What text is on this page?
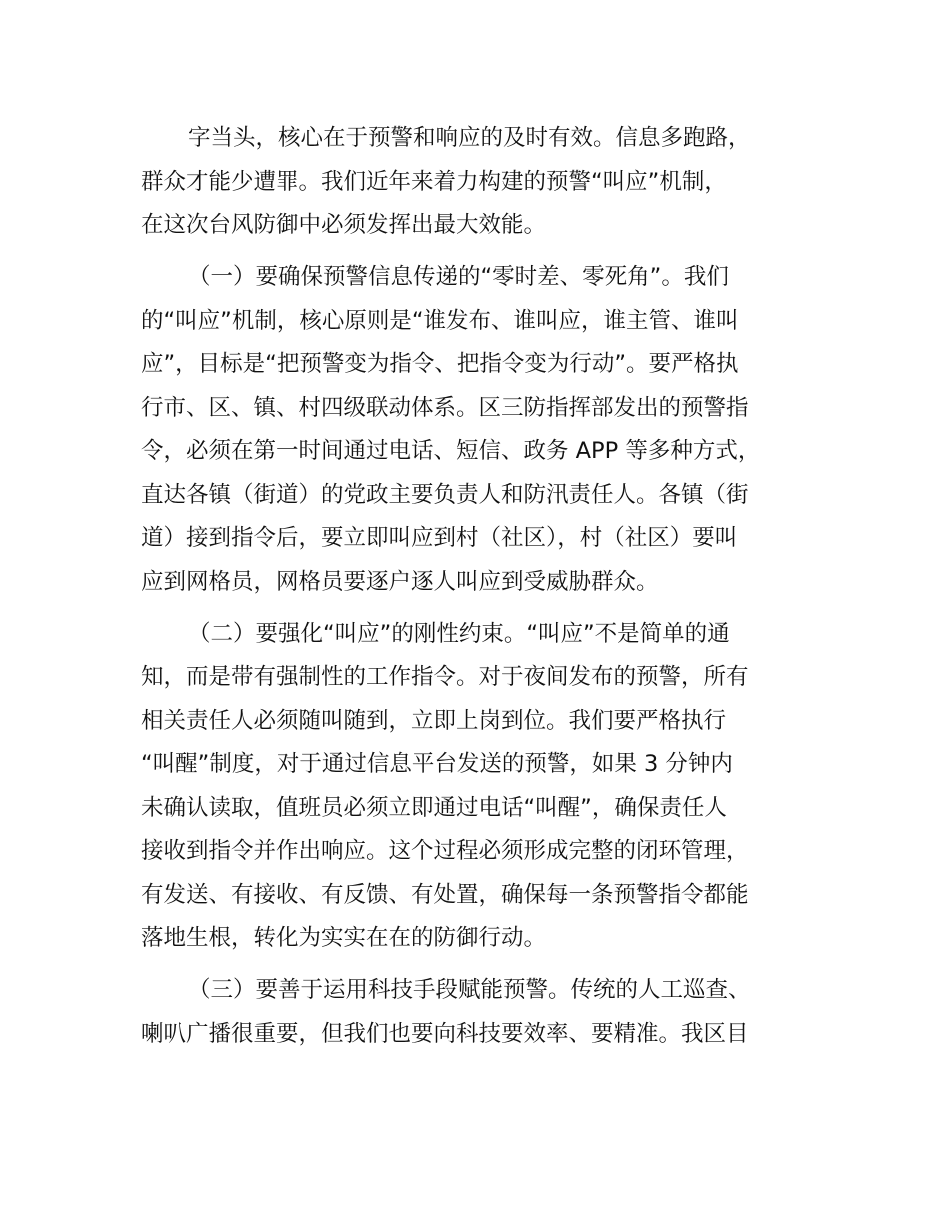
字当头，核心在于预警和响应的及时有效。信息多跑路，

群众才能少遭罪。我们近年来着力构建的预警“叫应”机制，

在这次台风防御中必须发挥出最大效能。

（一）要确保预警信息传递的“零时差、零死角”。我们

的“叫应”机制，核心原则是“谁发布、谁叫应，谁主管、谁叫

应”，目标是“把预警变为指令、把指令变为行动”。要严格执

行市、区、镇、村四级联动体系。区三防指挥部发出的预警指

令，必须在第一时间通过电话、短信、政务 APP 等多种方式，

直达各镇（街道）的党政主要负责人和防汛责任人。各镇（街

道）接到指令后，要立即叫应到村（社区），村（社区）要叫

应到网格员，网格员要逐户逐人叫应到受威胁群众。

（二）要强化“叫应”的刚性约束。“叫应”不是简单的通

知，而是带有强制性的工作指令。对于夜间发布的预警，所有

相关责任人必须随叫随到，立即上岗到位。我们要严格执行

“叫醒”制度，对于通过信息平台发送的预警，如果 3 分钟内

未确认读取，值班员必须立即通过电话“叫醒”，确保责任人

接收到指令并作出响应。这个过程必须形成完整的闭环管理，

有发送、有接收、有反馈、有处置，确保每一条预警指令都能

落地生根，转化为实实在在的防御行动。

（三）要善于运用科技手段赋能预警。传统的人工巡查、

喇叭广播很重要，但我们也要向科技要效率、要精准。我区目
